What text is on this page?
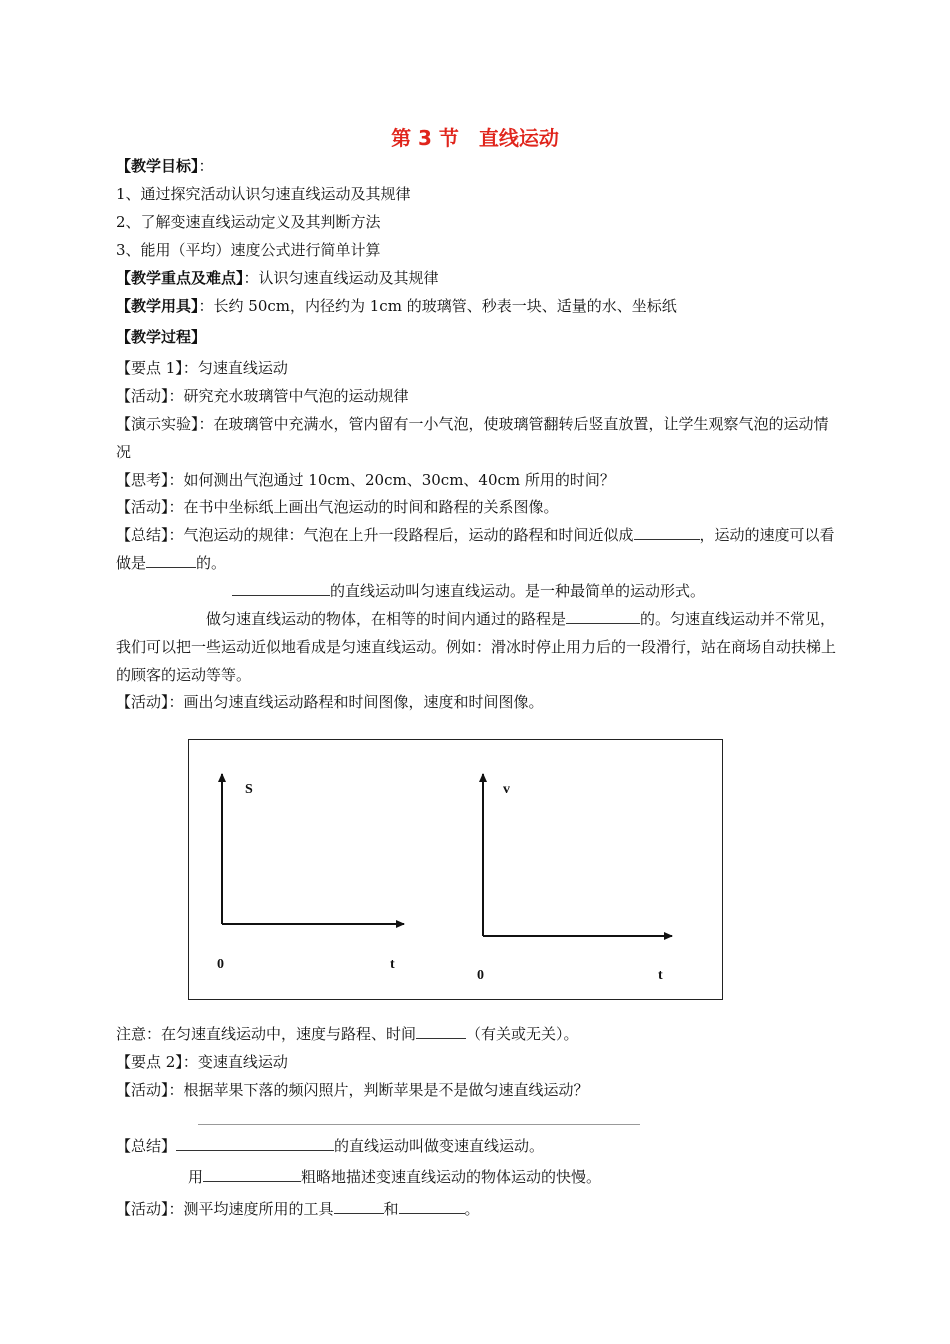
第 3 节　直线运动
【教学目标】：
1、通过探究活动认识匀速直线运动及其规律
2、了解变速直线运动定义及其判断方法
3、能用（平均）速度公式进行简单计算
【教学重点及难点】：认识匀速直线运动及其规律
【教学用具】：长约 50cm，内径约为 1cm 的玻璃管、秒表一块、适量的水、坐标纸
【教学过程】
【要点 1】：匀速直线运动
【活动】：研究充水玻璃管中气泡的运动规律
【演示实验】：在玻璃管中充满水，管内留有一小气泡，使玻璃管翻转后竖直放置，让学生观察气泡的运动情况
【思考】：如何测出气泡通过 10cm、20cm、30cm、40cm 所用的时间？
【活动】：在书中坐标纸上画出气泡运动的时间和路程的关系图像。
【总结】：气泡运动的规律：气泡在上升一段路程后，运动的路程和时间近似成	，运动的速度可以看做是	的。
的直线运动叫匀速直线运动。是一种最简单的运动形式。
做匀速直线运动的物体，在相等的时间内通过的路程是	的。匀速直线运动并不常见，我们可以把一些运动近似地看成是匀速直线运动。例如：滑冰时停止用力后的一段滑行，站在商场自动扶梯上的顾客的运动等等。
【活动】：画出匀速直线运动路程和时间图像，速度和时间图像。
S
0	t
v
0	t
注意：在匀速直线运动中，速度与路程、时间	（有关或无关）。
【要点 2】：变速直线运动
【活动】：根据苹果下落的频闪照片，判断苹果是不是做匀速直线运动？
【总结】	的直线运动叫做变速直线运动。
用	粗略地描述变速直线运动的物体运动的快慢。
【活动】：测平均速度所用的工具	和	。
